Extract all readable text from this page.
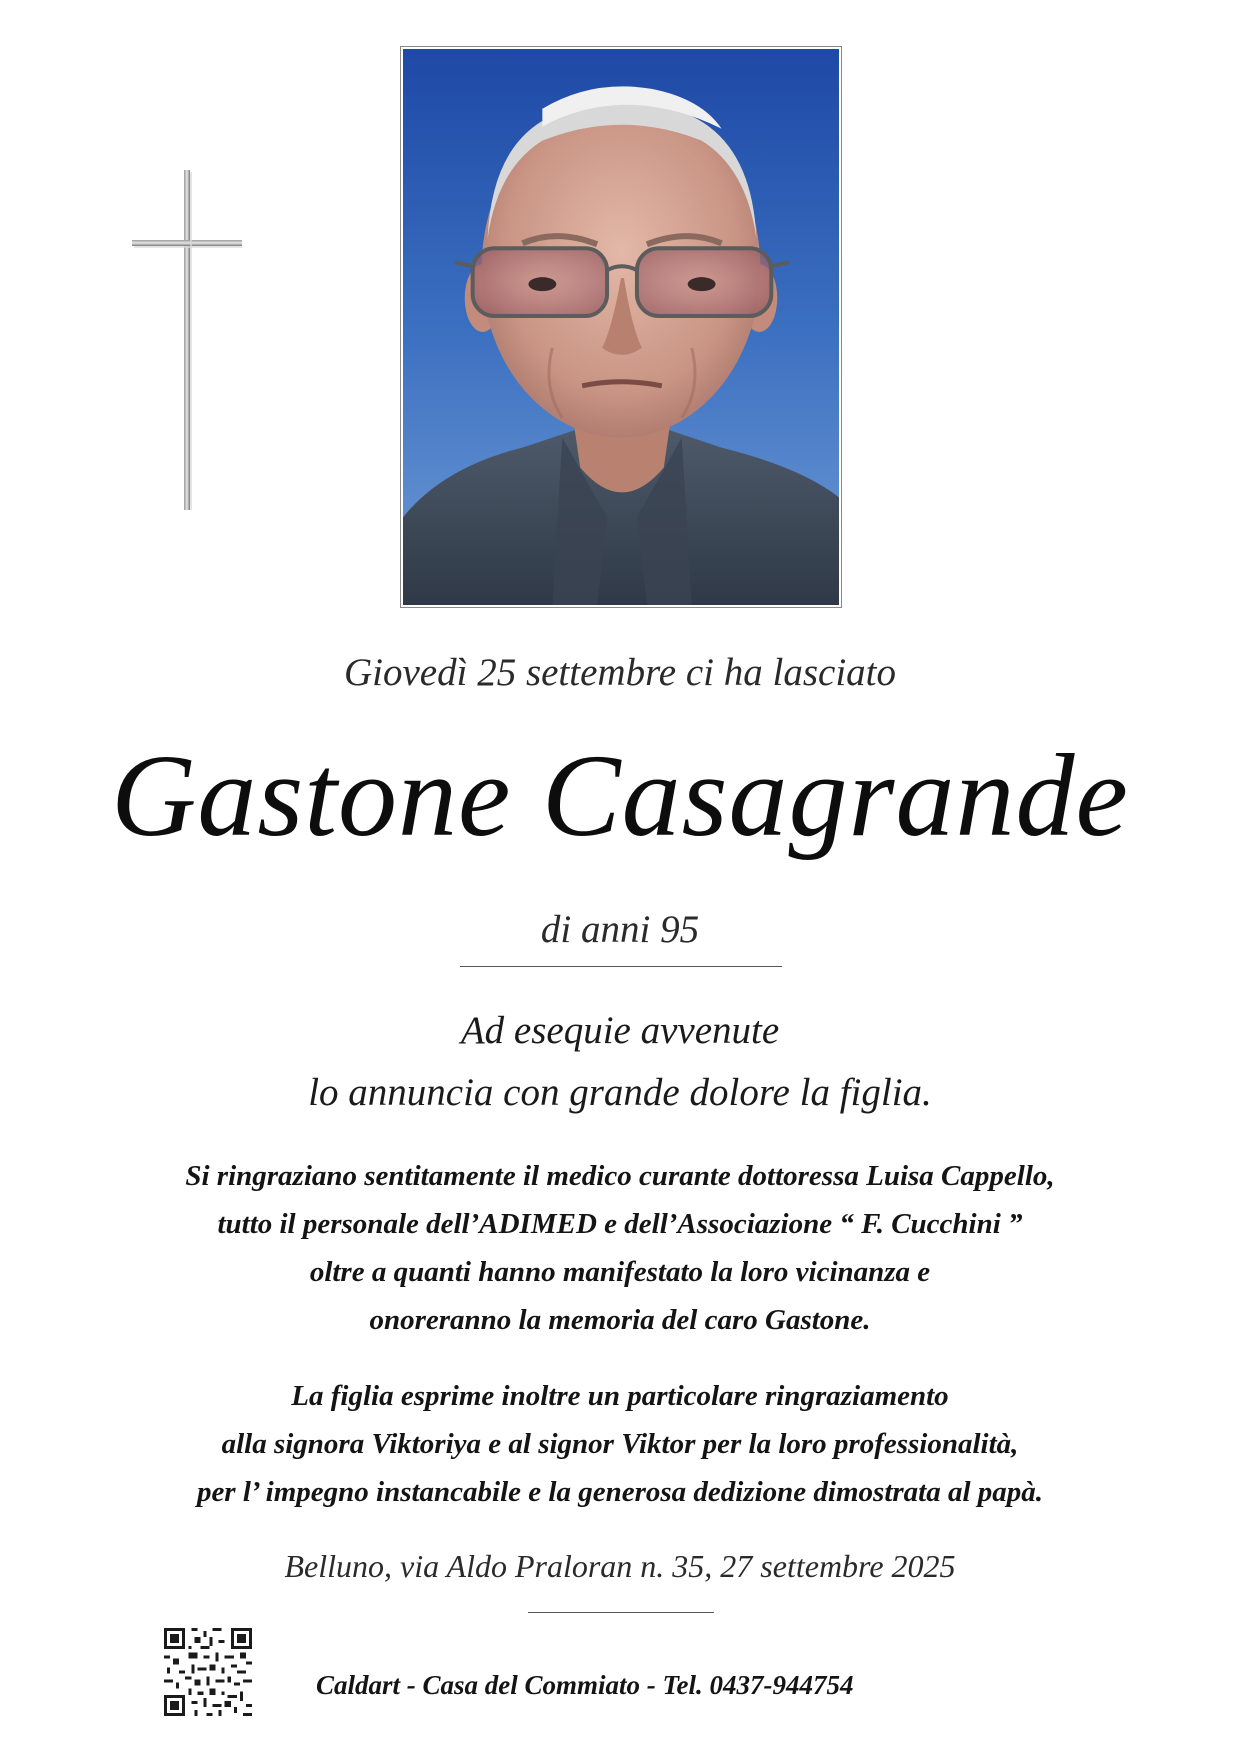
Giovedì 25 settembre ci ha lasciato
Gastone Casagrande
di anni 95
Ad esequie avvenute
lo annuncia con grande dolore la figlia.
Si ringraziano sentitamente il medico curante dottoressa Luisa Cappello,
tutto il personale dell’ADIMED e dell’Associazione “ F. Cucchini ”
oltre a quanti hanno manifestato la loro vicinanza e
onoreranno la memoria del caro Gastone.
La figlia esprime inoltre un particolare ringraziamento
alla signora Viktoriya e al signor Viktor per la loro professionalità,
per l’ impegno instancabile e la generosa dedizione dimostrata al papà.
Belluno, via Aldo Praloran n. 35, 27 settembre 2025
Caldart - Casa del Commiato - Tel. 0437-944754
